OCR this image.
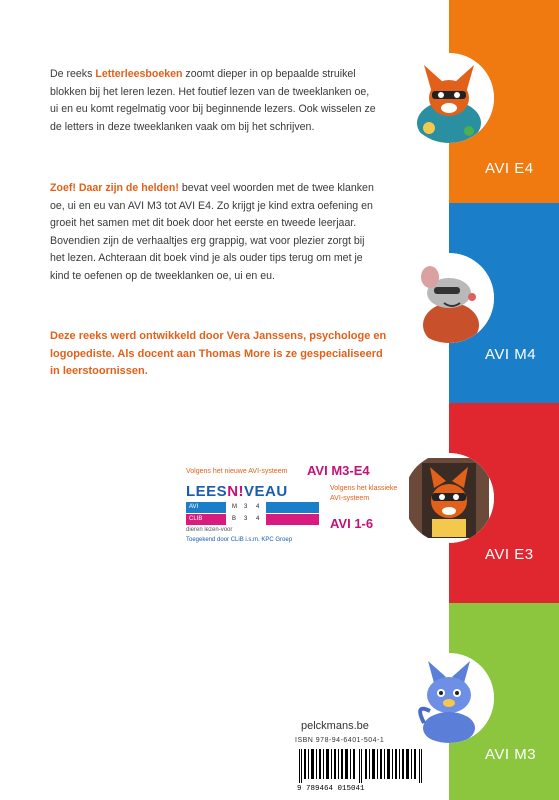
AVI E4
AVI M4
AVI E3
AVI M3

De reeks Letterleesboeken zoomt dieper in op bepaalde struikel blokken bij het leren lezen. Het foutief lezen van de tweeklanken oe, ui en eu komt regelmatig voor bij beginnende lezers. Ook wisselen ze de letters in deze tweeklanken vaak om bij het schrijven.

Zoef! Daar zijn de helden! bevat veel woorden met de twee klanken oe, ui en eu van AVI M3 tot AVI E4. Zo krijgt je kind extra oefening en groeit het samen met dit boek door het eerste en tweede leerjaar. Bovendien zijn de verhaaltjes erg grappig, wat voor plezier zorgt bij het lezen. Achteraan dit boek vind je als ouder tips terug om met je kind te oefenen op de tweeklanken oe, ui en eu.

Deze reeks werd ontwikkeld door Vera Janssens, psychologe en logopediste. Als docent aan Thomas More is ze gespecialiseerd in leerstoornissen.

Volgens het nieuwe AVI-systeem AVI M3-E4
LEESN!VEAU
AVI	M 3 4
CLIB	B 3 4
dieren lezen-voor
Toegekend door CLiB i.s.m. KPC Groep
Volgens het klassieke AVI-systeem
AVI 1-6
pelckmans.be
ISBN 978-94-6401-504-1
9 789464 015041
